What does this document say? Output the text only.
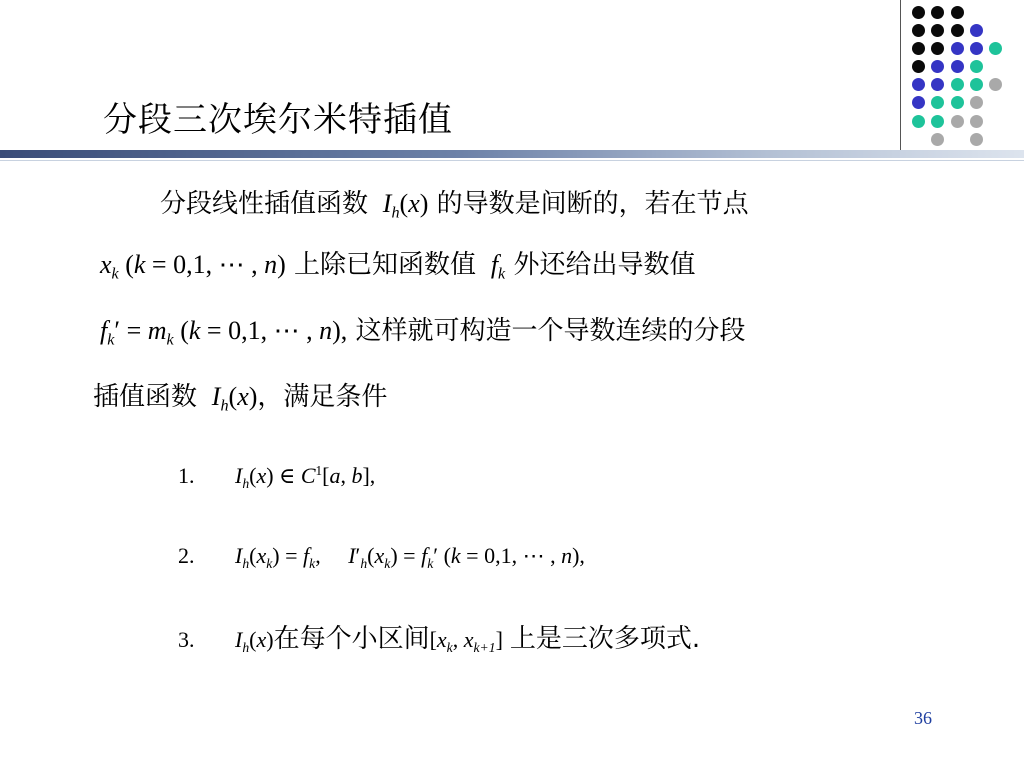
分段三次埃尔米特插值
分段线性插值函数  $I_h(x)$ 的导数是间断的，若在节点
$x_k$ (k = 0,1, ⋯ , n) 上除已知函数值  $f_k$ 外还给出导数值
$f_k' = m_k$ (k = 0,1, ⋯ , n), 这样就可构造一个导数连续的分段
插值函数  $I_h(x)$，满足条件
1. $I_h(x)$ ∈ $C^1[a$, b],
2. $I_h(x_k) = f_k$,     $I'_h(x_k) = f_k'$ (k = 0,1, ⋯ , n),
3. $I_h(x)$在每个小区间[$x_k$, $x_{k+1}$] 上是三次多项式.
36
